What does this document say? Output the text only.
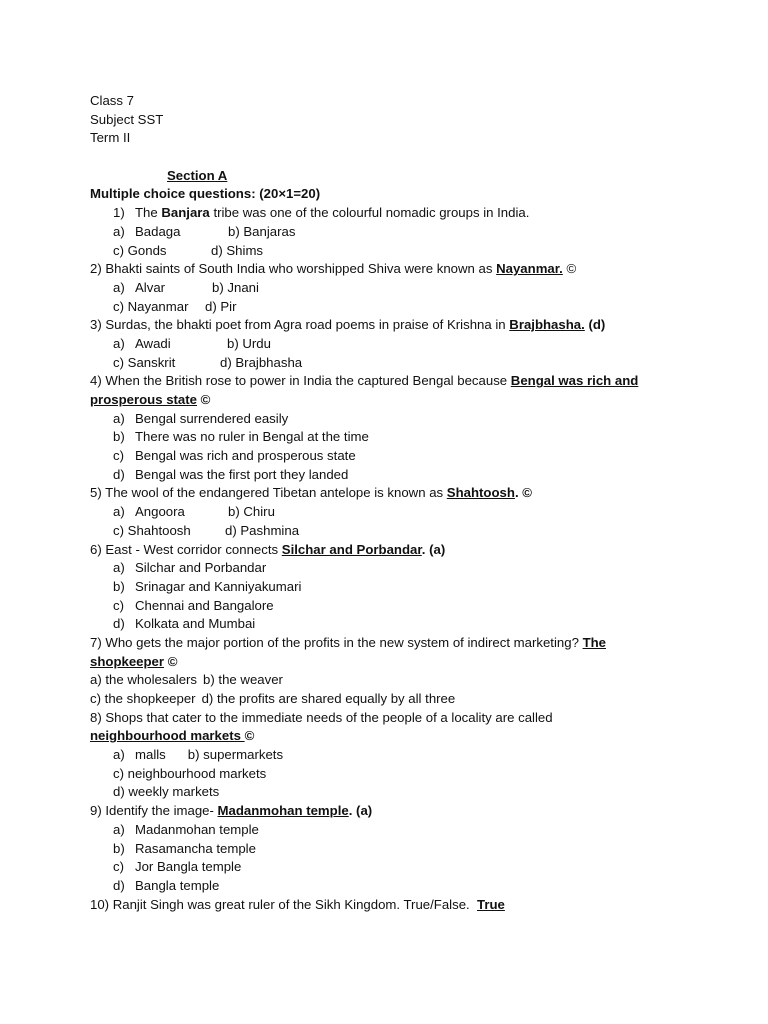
Class 7
Subject SST
Term II
Section A
Multiple choice questions: (20×1=20)
1) The Banjara tribe was one of the colourful nomadic groups in India.
a) Badaga	b) Banjaras
c) Gonds	d) Shims
2) Bhakti saints of South India who worshipped Shiva were known as Nayanmar. ©
a) Alvar	b) Jnani
c) Nayanmar d) Pir
3) Surdas, the bhakti poet from Agra road poems in praise of Krishna in Brajbhasha. (d)
a) Awadi	b) Urdu
c) Sanskrit	d) Brajbhasha
4) When the British rose to power in India the captured Bengal because Bengal was rich and
prosperous state ©
a) Bengal surrendered easily
b) There was no ruler in Bengal at the time
c) Bengal was rich and prosperous state
d) Bengal was the first port they landed
5) The wool of the endangered Tibetan antelope is known as Shahtoosh. ©
a) Angoora	b) Chiru
c) Shahtoosh	d) Pashmina
6) East - West corridor connects Silchar and Porbandar. (a)
a) Silchar and Porbandar
b) Srinagar and Kanniyakumari
c) Chennai and Bangalore
d) Kolkata and Mumbai
7) Who gets the major portion of the profits in the new system of indirect marketing? The
shopkeeper ©
a) the wholesalers b) the weaver
c) the shopkeeper d) the profits are shared equally by all three
8) Shops that cater to the immediate needs of the people of a locality are called
neighbourhood markets ©
a) malls b) supermarkets
c) neighbourhood markets
d) weekly markets
9) Identify the image- Madanmohan temple. (a)
a) Madanmohan temple
b) Rasamancha temple
c) Jor Bangla temple
d) Bangla temple
10) Ranjit Singh was great ruler of the Sikh Kingdom. True/False.  True
